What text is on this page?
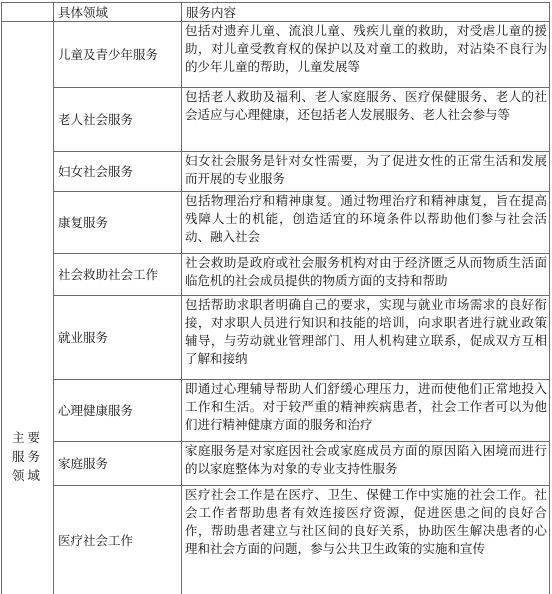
	具体领域	服务内容

主要服务领域	儿童及青少年服务	包括对遗弃儿童、流浪儿童、残疾儿童的救助，对受虐儿童的援助，对儿童受教育权的保护以及对童工的救助，对沾染不良行为的少年儿童的帮助，儿童发展等
	老人社会服务	包括老人救助及福利、老人家庭服务、医疗保健服务、老人的社会适应与心理健康，还包括老人发展服务、老人社会参与等
	妇女社会服务	妇女社会服务是针对女性需要，为了促进女性的正常生活和发展而开展的专业服务
	康复服务	包括物理治疗和精神康复。通过物理治疗和精神康复，旨在提高残障人士的机能，创造适宜的环境条件以帮助他们参与社会活动、融入社会
	社会救助社会工作	社会救助是政府或社会服务机构对由于经济匮乏从而物质生活面临危机的社会成员提供的物质方面的支持和帮助
	就业服务	包括帮助求职者明确自己的要求，实现与就业市场需求的良好衔接，对求职人员进行知识和技能的培训，向求职者进行就业政策辅导，与劳动就业管理部门、用人机构建立联系，促成双方互相了解和接纳
	心理健康服务	即通过心理辅导帮助人们舒缓心理压力，进而使他们正常地投入工作和生活。对于较严重的精神疾病患者，社会工作者可以为他们进行精神健康方面的服务和治疗
	家庭服务	家庭服务是对家庭因社会或家庭成员方面的原因陷入困境而进行的以家庭整体为对象的专业支持性服务
	医疗社会工作	医疗社会工作是在医疗、卫生、保健工作中实施的社会工作。社会工作者帮助患者有效连接医疗资源，促进医患之间的良好合作，帮助患者建立与社区间的良好关系，协助医生解决患者的心理和社会方面的问题，参与公共卫生政策的实施和宣传
